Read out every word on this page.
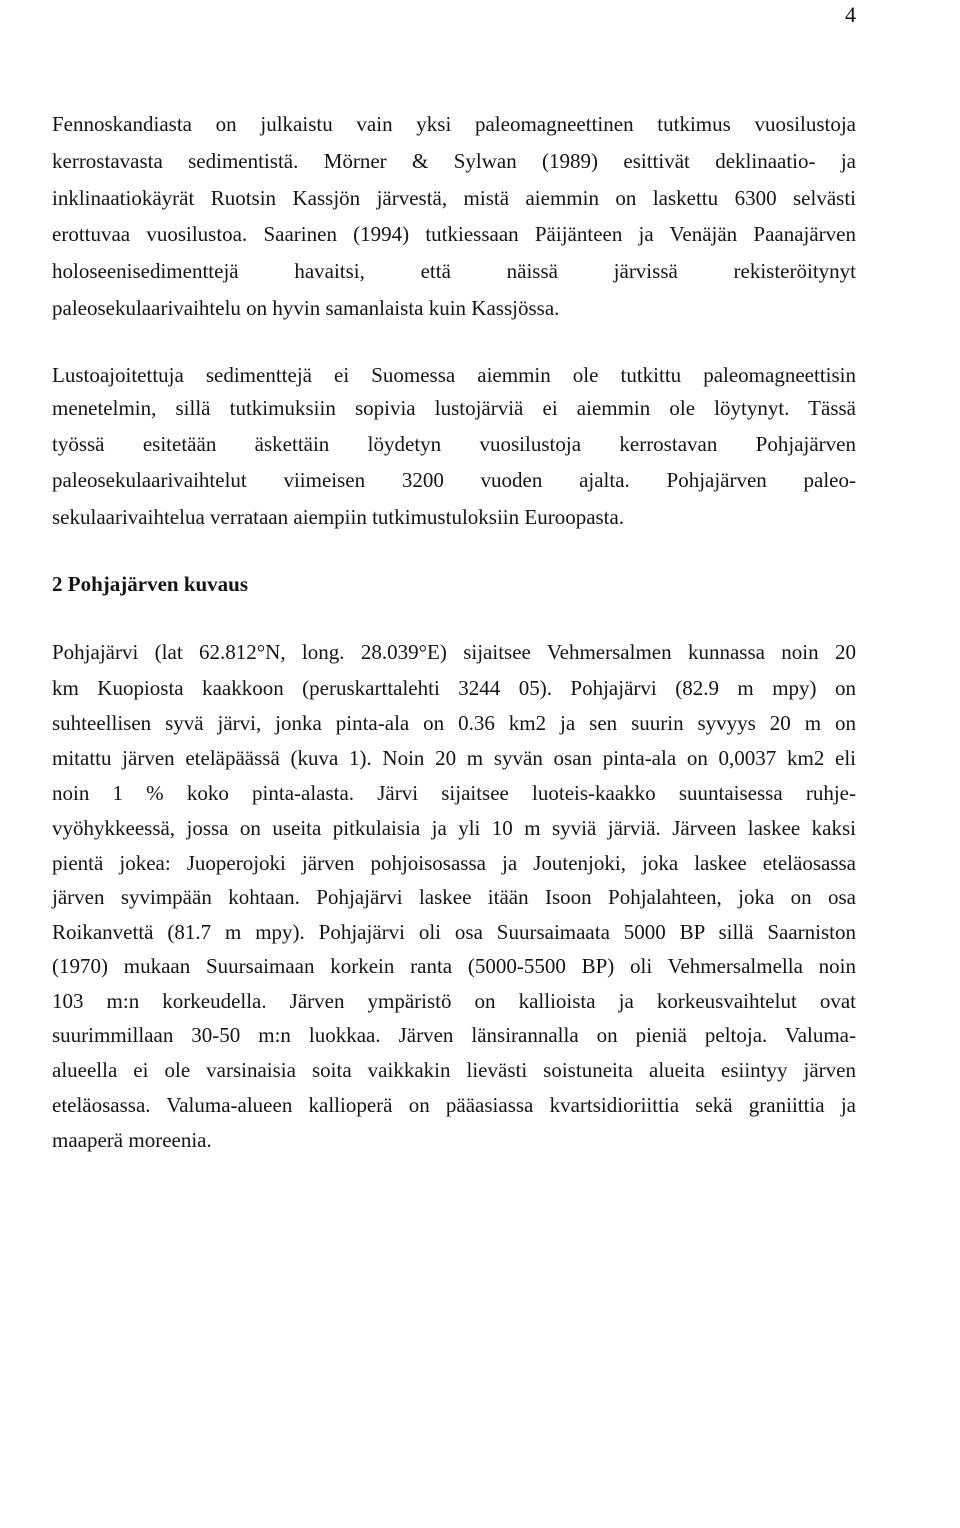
4
Fennoskandiasta on julkaistu vain yksi paleomagneettinen tutkimus vuosilustoja
kerrostavasta sedimentistä. Mörner & Sylwan (1989) esittivät deklinaatio- ja
inklinaatiokäyrät Ruotsin Kassjön järvestä, mistä aiemmin on laskettu 6300 selvästi
erottuvaa vuosilustoa. Saarinen (1994) tutkiessaan Päijänteen ja Venäjän Paanajärven
holoseenisedimenttejä havaitsi, että näissä järvissä rekisteröitynyt
paleosekulaarivaihtelu on hyvin samanlaista kuin Kassjössa.
Lustoajoitettuja sedimenttejä ei Suomessa aiemmin ole tutkittu paleomagneettisin
menetelmin, sillä tutkimuksiin sopivia lustojärviä ei aiemmin ole löytynyt. Tässä
työssä esitetään äskettäin löydetyn vuosilustoja kerrostavan Pohjajärven
paleosekulaarivaihtelut viimeisen 3200 vuoden ajalta. Pohjajärven paleo-
sekulaarivaihtelua verrataan aiempiin tutkimustuloksiin Euroopasta.
2 Pohjajärven kuvaus
Pohjajärvi (lat 62.812°N, long. 28.039°E) sijaitsee Vehmersalmen kunnassa noin 20
km Kuopiosta kaakkoon (peruskarttalehti 3244 05). Pohjajärvi (82.9 m mpy) on
suhteellisen syvä järvi, jonka pinta-ala on 0.36 km2 ja sen suurin syvyys 20 m on
mitattu järven eteläpäässä (kuva 1). Noin 20 m syvän osan pinta-ala on 0,0037 km2 eli
noin 1 % koko pinta-alasta. Järvi sijaitsee luoteis-kaakko suuntaisessa ruhje-
vyöhykkeessä, jossa on useita pitkulaisia ja yli 10 m syviä järviä. Järveen laskee kaksi
pientä jokea: Juoperojoki järven pohjoisosassa ja Joutenjoki, joka laskee eteläosassa
järven syvimpään kohtaan. Pohjajärvi laskee itään Isoon Pohjalahteen, joka on osa
Roikanvettä (81.7 m mpy). Pohjajärvi oli osa Suursaimaata 5000 BP sillä Saarniston
(1970) mukaan Suursaimaan korkein ranta (5000-5500 BP) oli Vehmersalmella noin
103 m:n korkeudella. Järven ympäristö on kallioista ja korkeusvaihtelut ovat
suurimmillaan 30-50 m:n luokkaa. Järven länsirannalla on pieniä peltoja. Valuma-
alueella ei ole varsinaisia soita vaikkakin lievästi soistuneita alueita esiintyy järven
eteläosassa. Valuma-alueen kallioperä on pääasiassa kvartsidioriittia sekä graniittia ja
maaperä moreenia.
